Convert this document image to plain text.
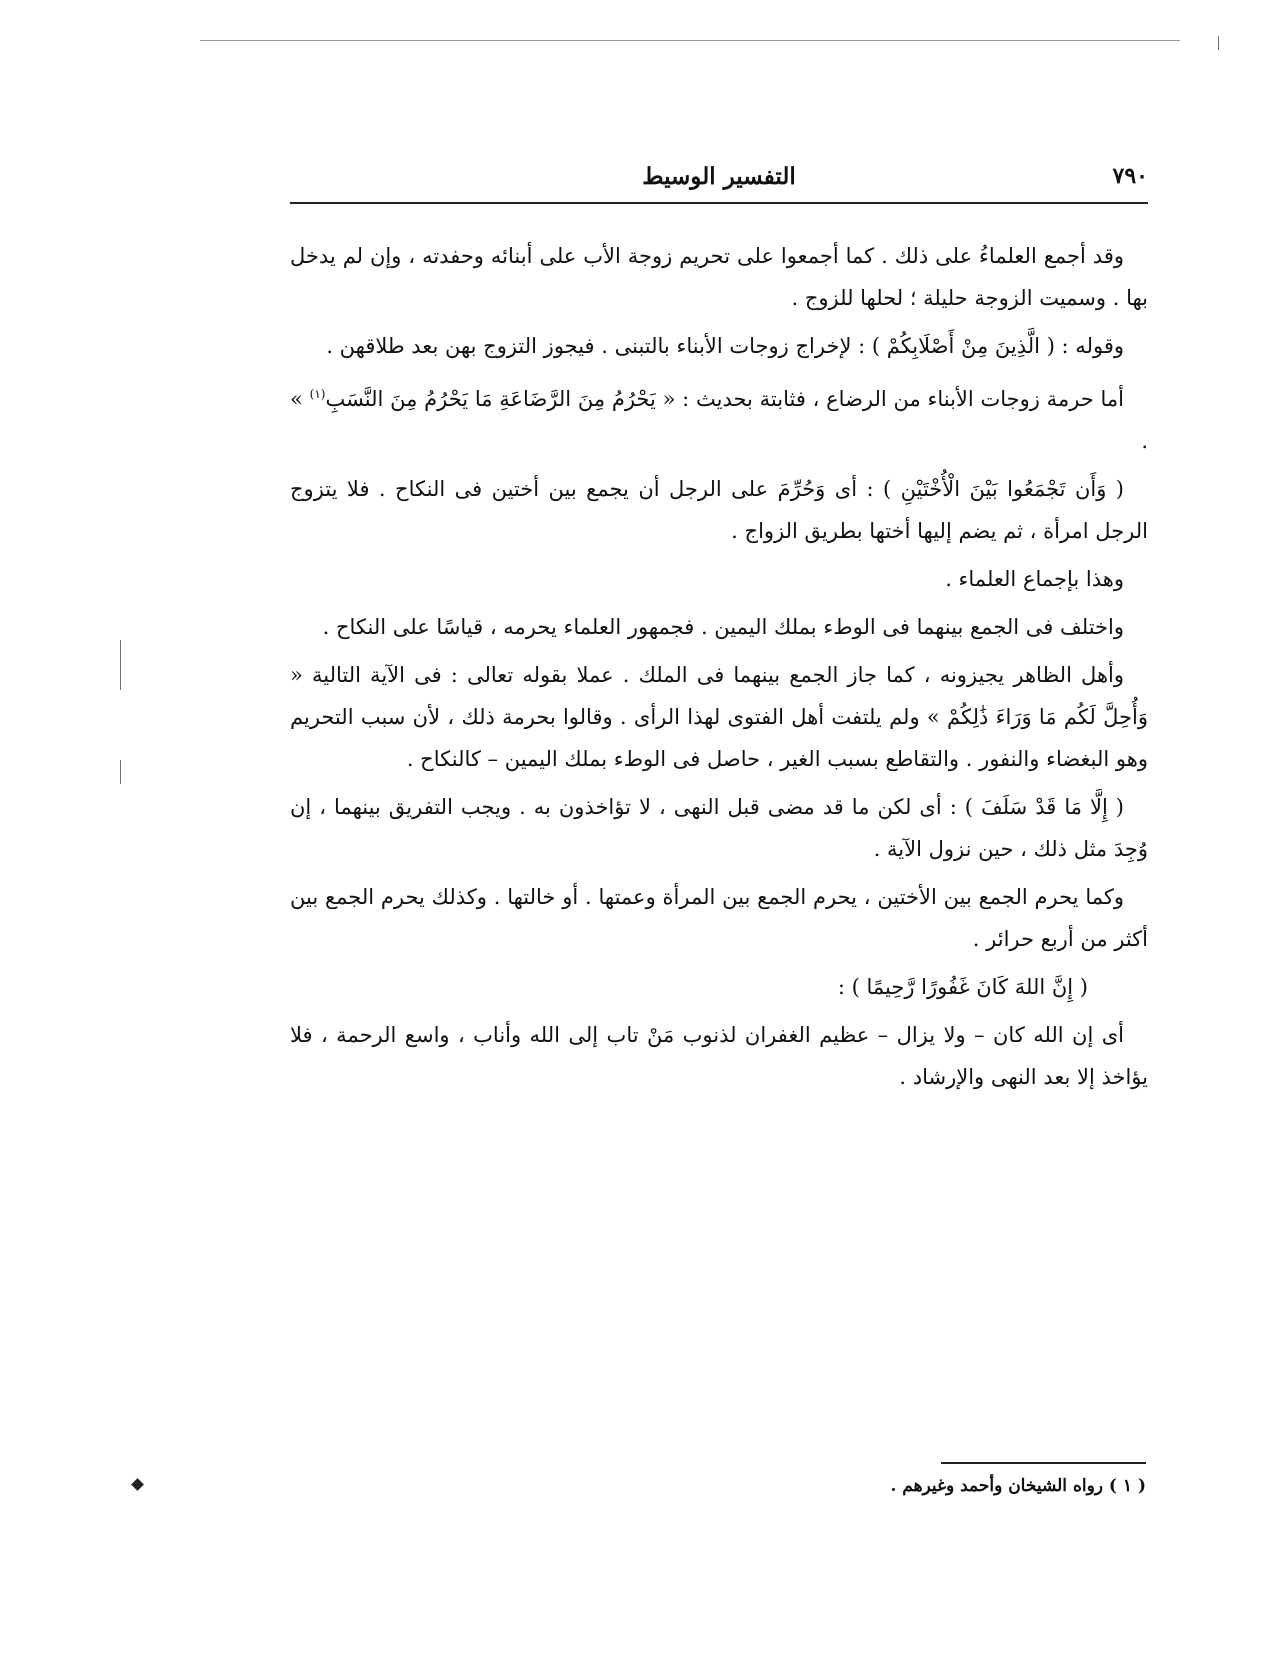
٧٩٠
التفسير الوسيط

وقد أجمع العلماءُ على ذلك . كما أجمعوا على تحريم زوجة الأب على أبنائه وحفدته ، وإن لم يدخل بها . وسميت الزوجة حليلة ؛ لحلها للزوج .

وقوله : ( الَّذِينَ مِنْ أَصْلَابِكُمْ ) : لإخراج زوجات الأبناء بالتبنى . فيجوز التزوج بهن بعد طلاقهن .

أما حرمة زوجات الأبناء من الرضاع ، فثابتة بحديث : « يَحْرُمُ مِنَ الرَّضَاعَةِ مَا يَحْرُمُ مِنَ النَّسَبِ$^{(١)}$ » .

( وَأَن تَجْمَعُوا بَيْنَ الْأُخْتَيْنِ ) : أى وَحُرِّمَ على الرجل أن يجمع بين أختين فى النكاح . فلا يتزوج الرجل امرأة ، ثم يضم إليها أختها بطريق الزواج .

وهذا بإجماع العلماء .

واختلف فى الجمع بينهما فى الوطء بملك اليمين . فجمهور العلماء يحرمه ، قياسًا على النكاح .

وأهل الظاهر يجيزونه ، كما جاز الجمع بينهما فى الملك . عملا بقوله تعالى : فى الآية التالية « وَأُحِلَّ لَكُم مَا وَرَاءَ ذَٰلِكُمْ » ولم يلتفت أهل الفتوى لهذا الرأى . وقالوا بحرمة ذلك ، لأن سبب التحريم وهو البغضاء والنفور . والتقاطع بسبب الغير ، حاصل فى الوطء بملك اليمين – كالنكاح .

( إِلَّا مَا قَدْ سَلَفَ ) : أى لكن ما قد مضى قبل النهى ، لا تؤاخذون به . ويجب التفريق بينهما ، إن وُجِدَ مثل ذلك ، حين نزول الآية .

وكما يحرم الجمع بين الأختين ، يحرم الجمع بين المرأة وعمتها . أو خالتها . وكذلك يحرم الجمع بين أكثر من أربع حرائر .

( إِنَّ اللهَ كَانَ غَفُورًا رَّحِيمًا ) :

أى إن الله كان – ولا يزال – عظيم الغفران لذنوب مَنْ تاب إلى الله وأناب ، واسع الرحمة ، فلا يؤاخذ إلا بعد النهى والإرشاد .

( ١ ) رواه الشيخان وأحمد وغيرهم .
